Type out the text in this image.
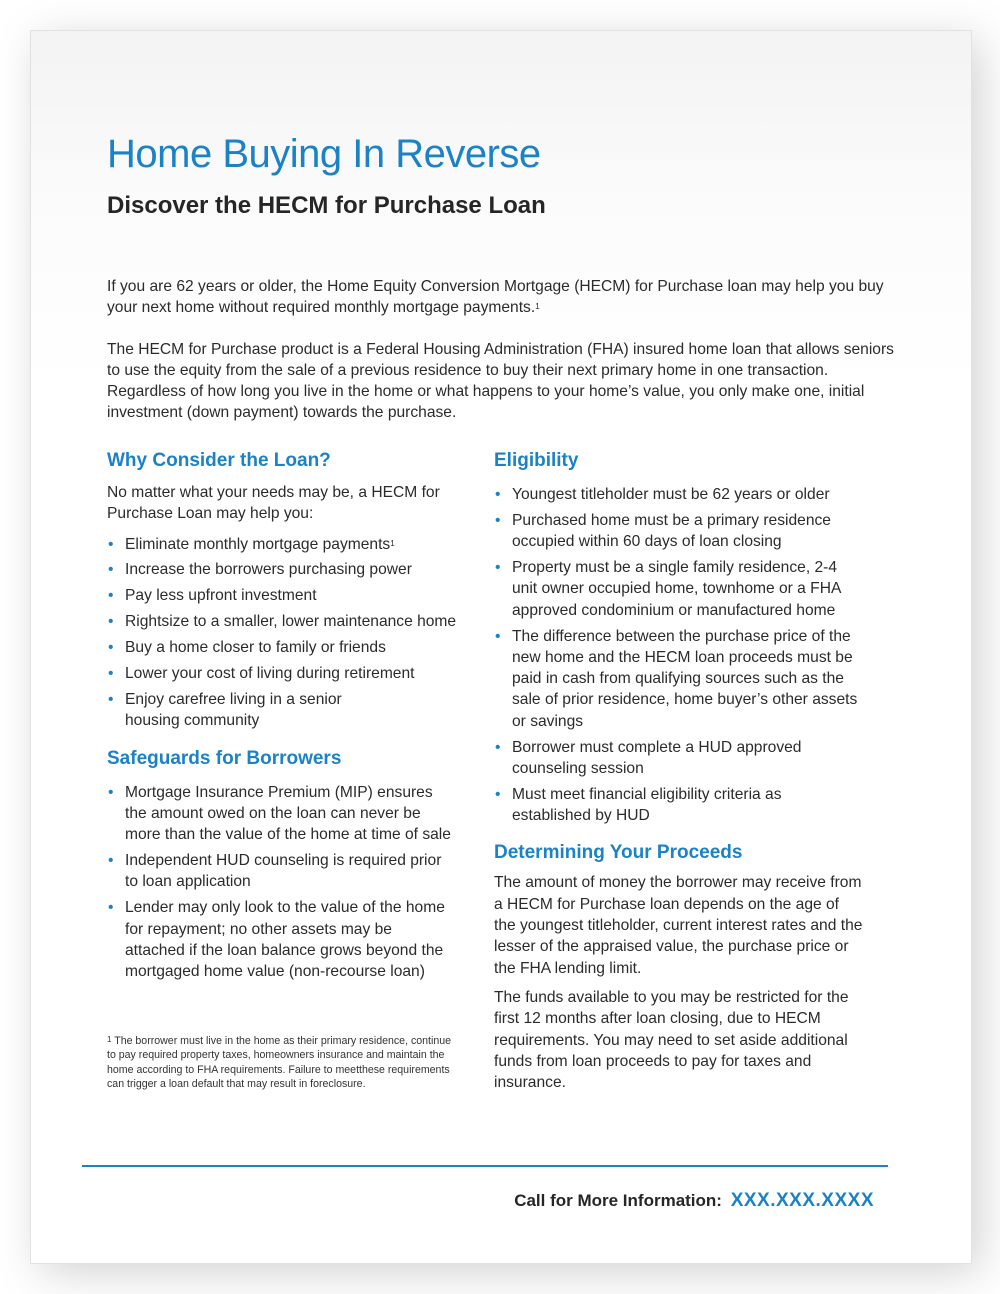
Home Buying In Reverse
Discover the HECM for Purchase Loan

If you are 62 years or older, the Home Equity Conversion Mortgage (HECM) for Purchase loan may help you buy your next home without required monthly mortgage payments.$^1$

The HECM for Purchase product is a Federal Housing Administration (FHA) insured home loan that allows seniors to use the equity from the sale of a previous residence to buy their next primary home in one transaction. Regardless of how long you live in the home or what happens to your home’s value, you only make one, initial investment (down payment) towards the purchase.

Why Consider the Loan?

No matter what your needs may be, a HECM for Purchase Loan may help you:

• Eliminate monthly mortgage payments$^1$
• Increase the borrowers purchasing power
• Pay less upfront investment
• Rightsize to a smaller, lower maintenance home
• Buy a home closer to family or friends
• Lower your cost of living during retirement
• Enjoy carefree living in a senior housing community
Safeguards for Borrowers
• Mortgage Insurance Premium (MIP) ensures the amount owed on the loan can never be more than the value of the home at time of sale
• Independent HUD counseling is required prior to loan application
• Lender may only look to the value of the home for repayment; no other assets may be attached if the loan balance grows beyond the mortgaged home value (non-recourse loan)
$^1$ The borrower must live in the home as their primary residence, continue to pay required property taxes, homeowners insurance and maintain the home according to FHA requirements. Failure to meetthese requirements can trigger a loan default that may result in foreclosure.
Eligibility
• Youngest titleholder must be 62 years or older
• Purchased home must be a primary residence occupied within 60 days of loan closing
• Property must be a single family residence, 2-4 unit owner occupied home, townhome or a FHA approved condominium or manufactured home
• The difference between the purchase price of the new home and the HECM loan proceeds must be paid in cash from qualifying sources such as the sale of prior residence, home buyer’s other assets or savings
• Borrower must complete a HUD approved counseling session
• Must meet financial eligibility criteria as established by HUD
Determining Your Proceeds

The amount of money the borrower may receive from a HECM for Purchase loan depends on the age of the youngest titleholder, current interest rates and the lesser of the appraised value, the purchase price or the FHA lending limit.

The funds available to you may be restricted for the first 12 months after loan closing, due to HECM requirements. You may need to set aside additional funds from loan proceeds to pay for taxes and insurance.

Call for More Information: XXX.XXX.XXXX
